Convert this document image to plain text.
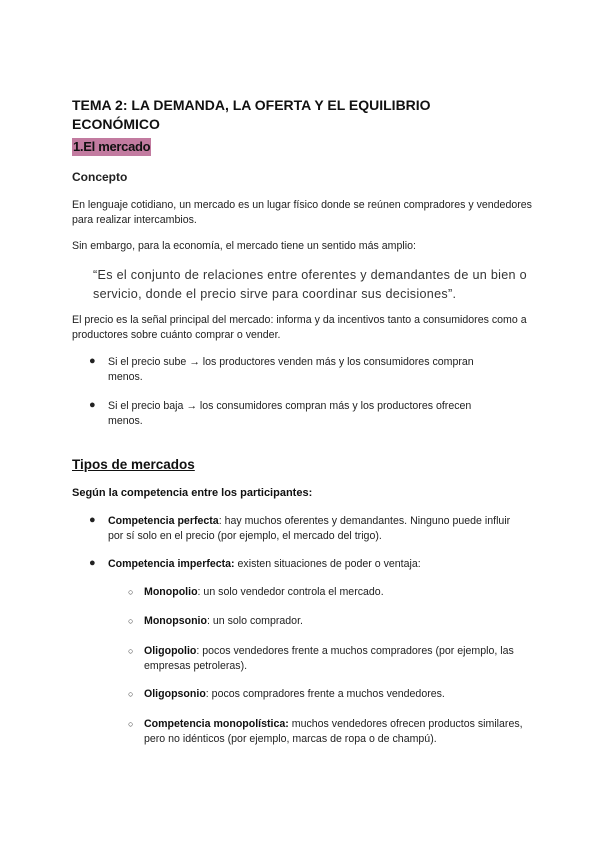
TEMA 2: LA DEMANDA, LA OFERTA Y EL EQUILIBRIO ECONÓMICO
1.El mercado
Concepto

En lenguaje cotidiano, un mercado es un lugar físico donde se reúnen compradores y vendedores para realizar intercambios.

Sin embargo, para la economía, el mercado tiene un sentido más amplio:

“Es el conjunto de relaciones entre oferentes y demandantes de un bien o servicio, donde el precio sirve para coordinar sus decisiones”.

El precio es la señal principal del mercado: informa y da incentivos tanto a consumidores como a productores sobre cuánto comprar o vender.

● Si el precio sube → los productores venden más y los consumidores compran menos.
● Si el precio baja → los consumidores compran más y los productores ofrecen menos.
Tipos de mercados
Según la competencia entre los participantes:
● Competencia perfecta: hay muchos oferentes y demandantes. Ninguno puede influir por sí solo en el precio (por ejemplo, el mercado del trigo).
● Competencia imperfecta: existen situaciones de poder o ventaja:
○ Monopolio: un solo vendedor controla el mercado.
○ Monopsonio: un solo comprador.
○ Oligopolio: pocos vendedores frente a muchos compradores (por ejemplo, las empresas petroleras).
○ Oligopsonio: pocos compradores frente a muchos vendedores.
○ Competencia monopolística: muchos vendedores ofrecen productos similares, pero no idénticos (por ejemplo, marcas de ropa o de champú).
